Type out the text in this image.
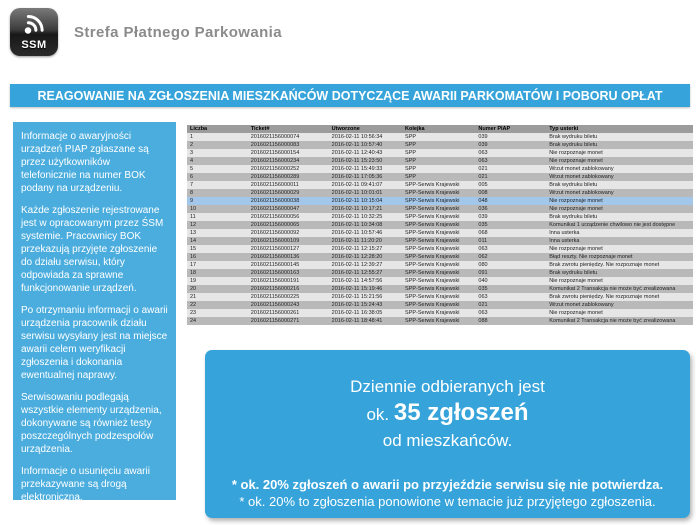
SSM
Strefa Płatnego Parkowania
REAGOWANIE NA ZGŁOSZENIA MIESZKAŃCÓW DOTYCZĄCE AWARII PARKOMATÓW I POBORU OPŁAT

Informacje o awaryjności urządzeń PIAP zgłaszane są przez użytkowników telefonicznie na numer BOK podany na urządzeniu.

Każde zgłoszenie rejestrowane jest w opracowanym przez ŚSM systemie. Pracownicy BOK przekazują przyjęte zgłoszenie do działu serwisu, który odpowiada za sprawne funkcjonowanie urządzeń.

Po otrzymaniu informacji o awarii urządzenia pracownik działu serwisu wysyłany jest na miejsce awarii celem weryfikacji zgłoszenia i dokonania ewentualnej naprawy.

Serwisowaniu podlegają wszystkie elementy urządzenia, dokonywane są również testy poszczególnych podzespołów urządzenia.

Informacje o usunięciu awarii przekazywane są drogą elektroniczną.

Liczba	Ticket#	Utworzone	Kolejka	Numer PIAP	Typ usterki
1	2016021156000074	2016-02-11 10:56:34	SPP	039	Brak wydruku biletu
2	2016021156000083	2016-02-11 10:57:40	SPP	039	Brak wydruku biletu
3	2016021156000154	2016-02-11 12:40:43	SPP	063	Nie rozpoznaje monet
4	2016021156000234	2016-02-11 15:23:50	SPP	063	Nie rozpoznaje monet
5	2016021156000252	2016-02-11 15:49:33	SPP	021	Wrzut monet zablokowany
6	2016021156000289	2016-02-11 17:05:36	SPP	021	Wrzut monet zablokowany
7	2016021156000011	2016-02-11 09:41:07	SPP-Serwis Krajewski	005	Brak wydruku biletu
8	2016021156000029	2016-02-11 10:01:01	SPP-Serwis Krajewski	008	Wrzut monet zablokowany
9	2016021156000038	2016-02-11 10:15:04	SPP-Serwis Krajewski	048	Nie rozpoznaje monet
10	2016021156000047	2016-02-11 10:17:21	SPP-Serwis Krajewski	036	Nie rozpoznaje monet
11	2016021156000056	2016-02-11 10:32:25	SPP-Serwis Krajewski	039	Brak wydruku biletu
12	2016021156000065	2016-02-11 10:34:08	SPP-Serwis Krajewski	035	Komunikat 1 urządzenie chwilowo nie jest dostępne
13	2016021156000092	2016-02-11 10:57:46	SPP-Serwis Krajewski	068	Inna usterka
14	2016021156000109	2016-02-11 11:20:20	SPP-Serwis Krajewski	011	Inna usterka
15	2016021156000127	2016-02-11 12:15:27	SPP-Serwis Krajewski	063	Nie rozpoznaje monet
16	2016021156000136	2016-02-11 12:28:20	SPP-Serwis Krajewski	062	Błąd reszty. Nie rozpoznaje monet
17	2016021156000145	2016-02-11 12:39:27	SPP-Serwis Krajewski	080	Brak zwrotu pieniędzy. Nie rozpoznaje monet
18	2016021156000163	2016-02-11 12:55:27	SPP-Serwis Krajewski	091	Brak wydruku biletu
19	2016021156000191	2016-02-11 14:57:56	SPP-Serwis Krajewski	040	Nie rozpoznaje monet
20	2016021156000216	2016-02-11 15:19:46	SPP-Serwis Krajewski	035	Komunikat 2 Transakcja nie może być zrealizowana
21	2016021156000225	2016-02-11 15:21:56	SPP-Serwis Krajewski	063	Brak zwrotu pieniędzy. Nie rozpoznaje monet
22	2016021156000243	2016-02-11 15:24:43	SPP-Serwis Krajewski	021	Wrzut monet zablokowany
23	2016021156000261	2016-02-11 16:38:05	SPP-Serwis Krajewski	063	Nie rozpoznaje monet
24	2016021156000271	2016-02-11 18:48:41	SPP-Serwis Krajewski	088	Komunikat 2 Transakcja nie może być zrealizowana
Dziennie odbieranych jest
ok. 35 zgłoszeń
od mieszkańców.
* ok. 20% zgłoszeń o awarii po przyjeździe serwisu się nie potwierdza.
* ok. 20% to zgłoszenia ponowione w temacie już przyjętego zgłoszenia.
